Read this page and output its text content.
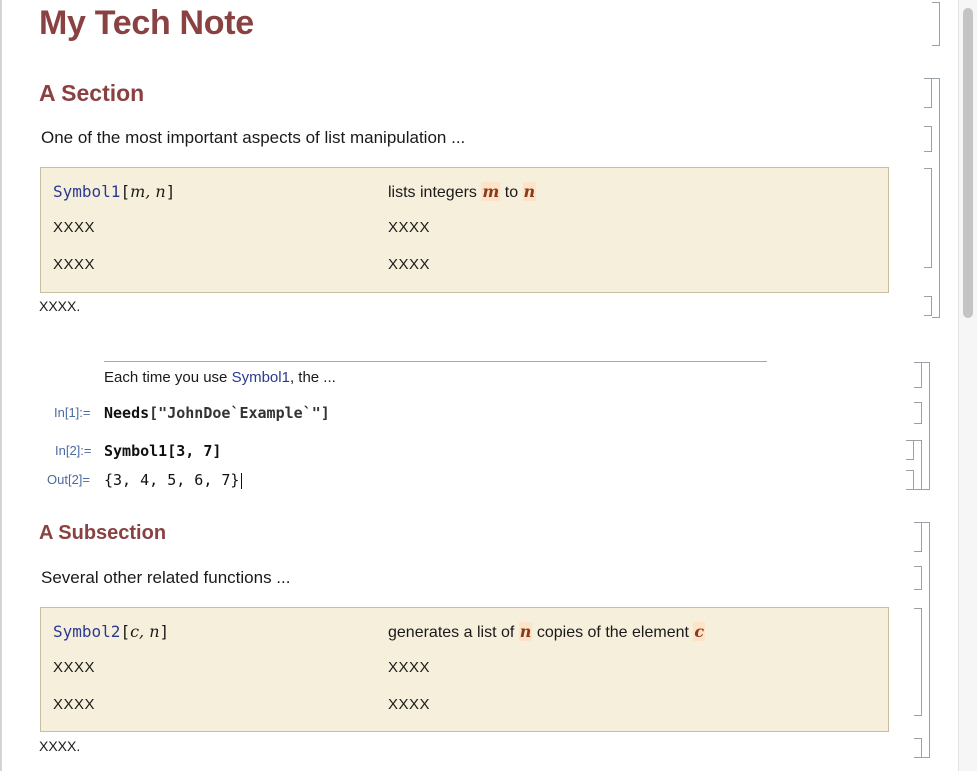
My Tech Note
A Section
One of the most important aspects of list manipulation ...
Symbol1[m, n]	lists integers m to n
XXXX	XXXX
XXXX	XXXX
XXXX.
Each time you use Symbol1, the ...
In[1]:= Needs["JohnDoe`Example`"]
In[2]:= Symbol1[3, 7]
Out[2]= {3, 4, 5, 6, 7}
A Subsection
Several other related functions ...
Symbol2[c, n]	generates a list of n copies of the element c
XXXX	XXXX
XXXX	XXXX
XXXX.
